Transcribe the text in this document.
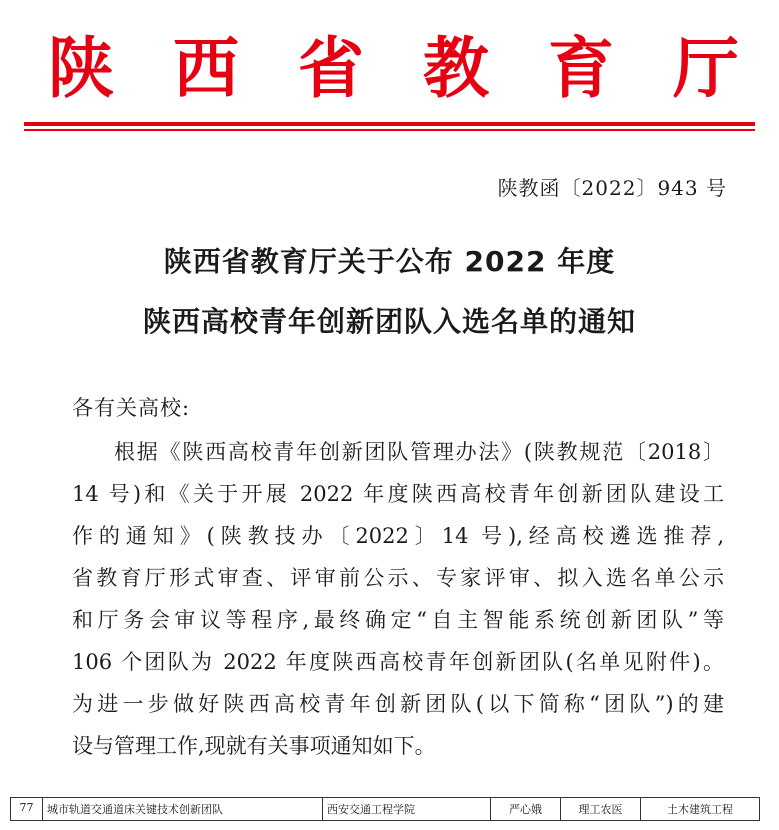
陕 西 省 教 育 厅
陕教函〔2022〕943 号
陕西省教育厅关于公布 2022 年度
陕西高校青年创新团队入选名单的通知
各有关高校:
根据《陕西高校青年创新团队管理办法》(陕教规范〔2018〕
14 号)和《关于开展 2022 年度陕西高校青年创新团队建设工
作的通知》(陕教技办〔2022〕14 号),经高校遴选推荐,
省教育厅形式审查、评审前公示、专家评审、拟入选名单公示
和厅务会审议等程序,最终确定“自主智能系统创新团队”等
106 个团队为 2022 年度陕西高校青年创新团队(名单见附件)。
为进一步做好陕西高校青年创新团队(以下简称“团队”)的建
设与管理工作,现就有关事项通知如下。
77	城市轨道交通道床关键技术创新团队	西安交通工程学院	严心娥	理工农医	土木建筑工程
